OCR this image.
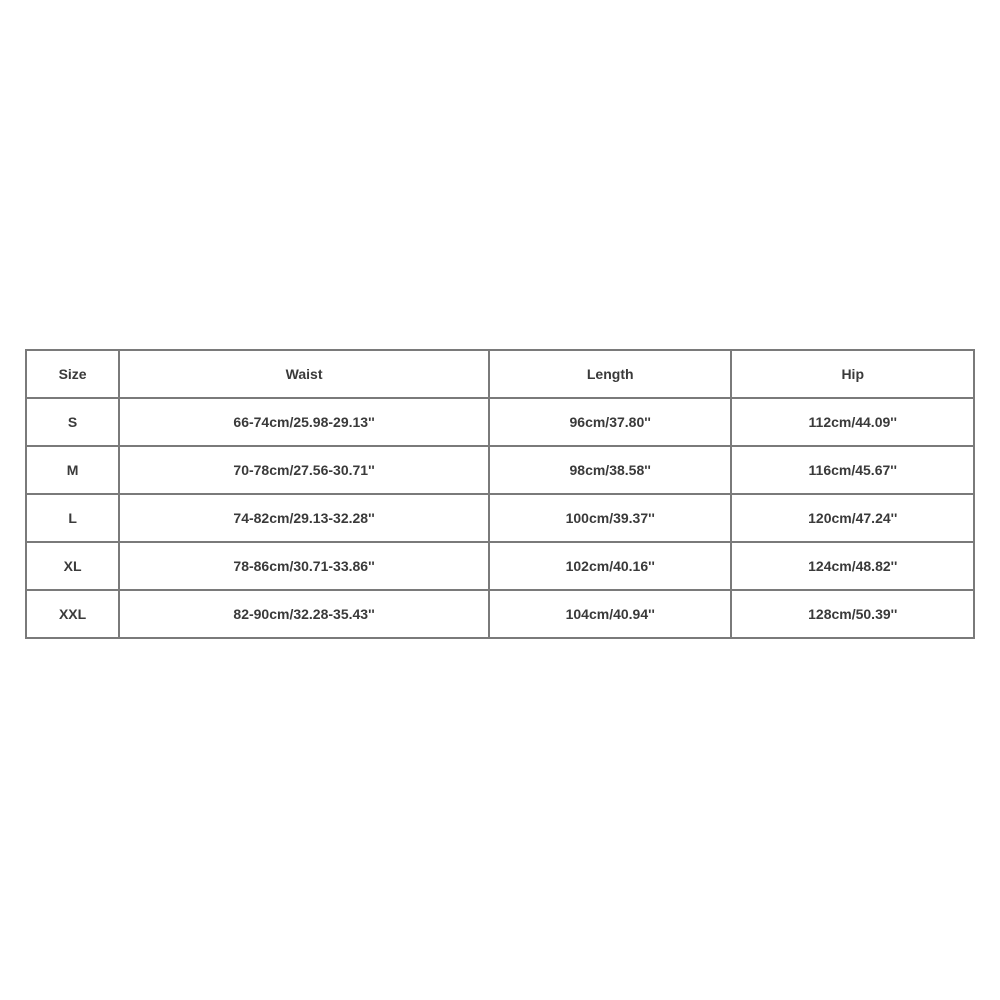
Size	Waist	Length	Hip
S	66-74cm/25.98-29.13''	96cm/37.80''	112cm/44.09''
M	70-78cm/27.56-30.71''	98cm/38.58''	116cm/45.67''
L	74-82cm/29.13-32.28''	100cm/39.37''	120cm/47.24''
XL	78-86cm/30.71-33.86''	102cm/40.16''	124cm/48.82''
XXL	82-90cm/32.28-35.43''	104cm/40.94''	128cm/50.39''
